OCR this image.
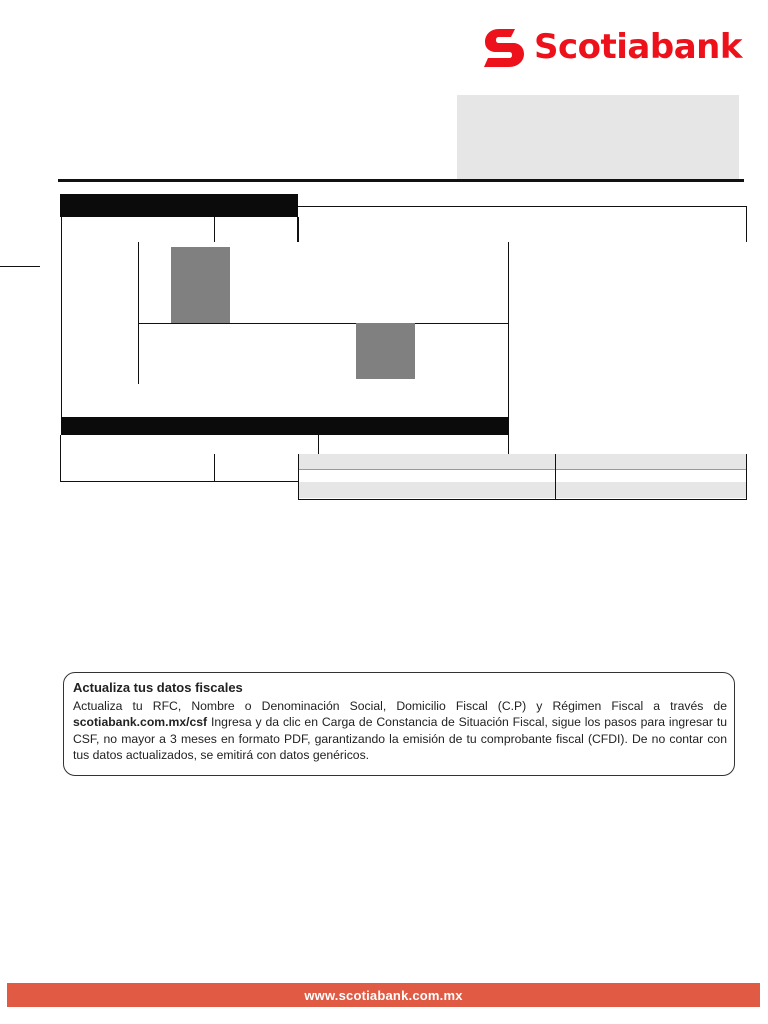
Scotiabank
Actualiza tus datos fiscales
Actualiza tu RFC, Nombre o Denominación Social, Domicilio Fiscal (C.P) y Régimen Fiscal a través de scotiabank.com.mx/csf Ingresa y da clic en Carga de Constancia de Situación Fiscal, sigue los pasos para ingresar tu CSF, no mayor a 3 meses en formato PDF, garantizando la emisión de tu comprobante fiscal (CFDI). De no contar con tus datos actualizados, se emitirá con datos genéricos.
www.scotiabank.com.mx
